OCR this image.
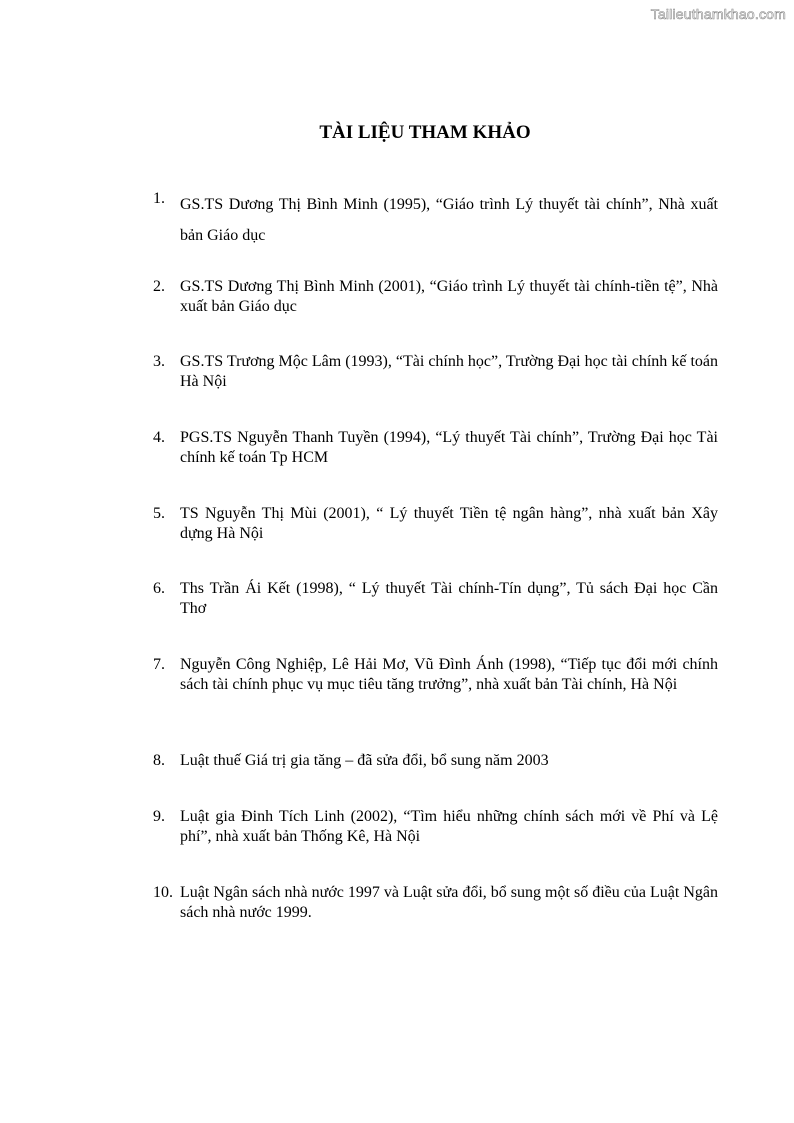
Tailieuthamkhao.com
TÀI LIỆU THAM KHẢO
1. GS.TS Dương Thị Bình Minh (1995), “Giáo trình Lý thuyết tài chính”, Nhà xuất bản Giáo dục
2. GS.TS Dương Thị Bình Minh (2001), “Giáo trình Lý thuyết tài chính-tiền tệ”, Nhà xuất bản Giáo dục
3. GS.TS Trương Mộc Lâm (1993), “Tài chính học”, Trường Đại học tài chính kế toán Hà Nội
4. PGS.TS Nguyễn Thanh Tuyền (1994), “Lý thuyết Tài chính”, Trường Đại học Tài chính kế toán Tp HCM
5. TS Nguyễn Thị Mùi (2001), “ Lý thuyết Tiền tệ ngân hàng”, nhà xuất bản Xây dựng Hà Nội
6. Ths Trần Ái Kết (1998), “ Lý thuyết Tài chính-Tín dụng”, Tủ sách Đại học Cần Thơ
7. Nguyễn Công Nghiệp, Lê Hải Mơ, Vũ Đình Ánh (1998), “Tiếp tục đổi mới chính sách tài chính phục vụ mục tiêu tăng trưởng”, nhà xuất bản Tài chính, Hà Nội
8. Luật thuế Giá trị gia tăng – đã sửa đổi, bổ sung năm 2003
9. Luật gia Đinh Tích Linh (2002), “Tìm hiểu những chính sách mới về Phí và Lệ phí”, nhà xuất bản Thống Kê, Hà Nội
10. Luật Ngân sách nhà nước 1997 và Luật sửa đổi, bổ sung một số điều của Luật Ngân sách nhà nước 1999.
